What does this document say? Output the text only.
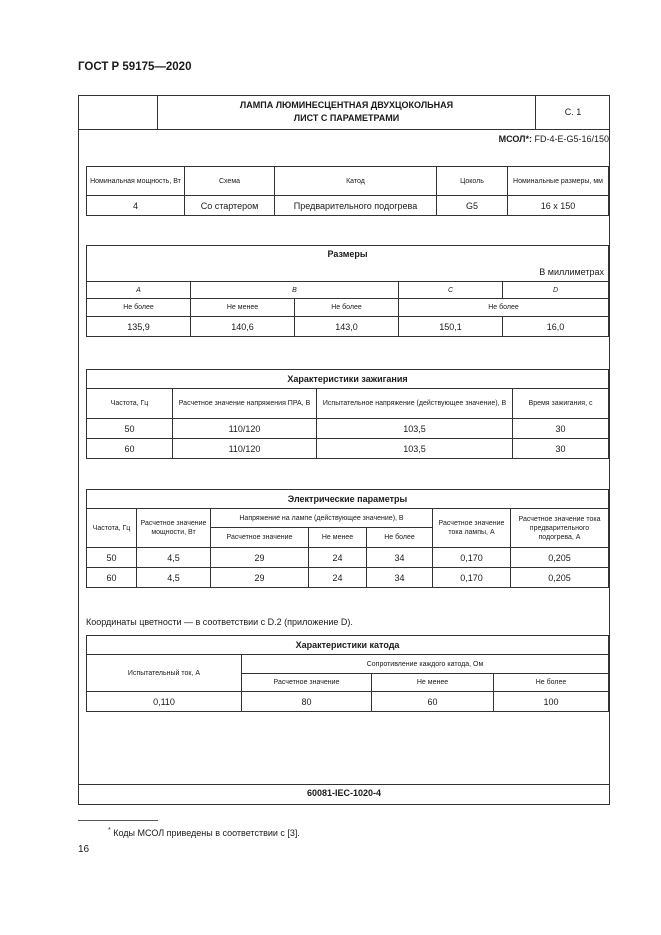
ГОСТ Р 59175—2020
ЛАМПА ЛЮМИНЕСЦЕНТНАЯ ДВУХЦОКОЛЬНАЯ
ЛИСТ С ПАРАМЕТРАМИ
С. 1
МСОЛ*: FD-4-E-G5-16/150
Номинальная мощность, Вт	Схема	Катод	Цоколь	Номинальные размеры, мм
4	Со стартером	Предварительного подогрева	G5	16 x 150
Размеры				
В миллиметрах				
A	B		C	D
Не более	Не менее	Не более	Не более	
135,9	140,6	143,0	150,1	16,0
Характеристики зажигания			
Частота, Гц	Расчетное значение напряжения ПРА, В	Испытательное напряжение (действующее значение), В	Время зажигания, с
50	110/120	103,5	30
60	110/120	103,5	30
Электрические параметры						
Частота, Гц	Расчетное значение мощности, Вт	Напряжение на лампе (действующее значение), В			Расчетное значение тока лампы, А	Расчетное значение тока предварительного подогрева, А
		Расчетное значение	Не менее	Не более		
50	4,5	29	24	34	0,170	0,205
60	4,5	29	24	34	0,170	0,205
Координаты цветности — в соответствии с D.2 (приложение D).
Характеристики катода			
Испытательный ток, А	Сопротивление каждого катода, Ом		
	Расчетное значение	Не менее	Не более
0,110	80	60	100
60081-IEC-1020-4
* Коды МСОЛ приведены в соответствии с [3].
16
